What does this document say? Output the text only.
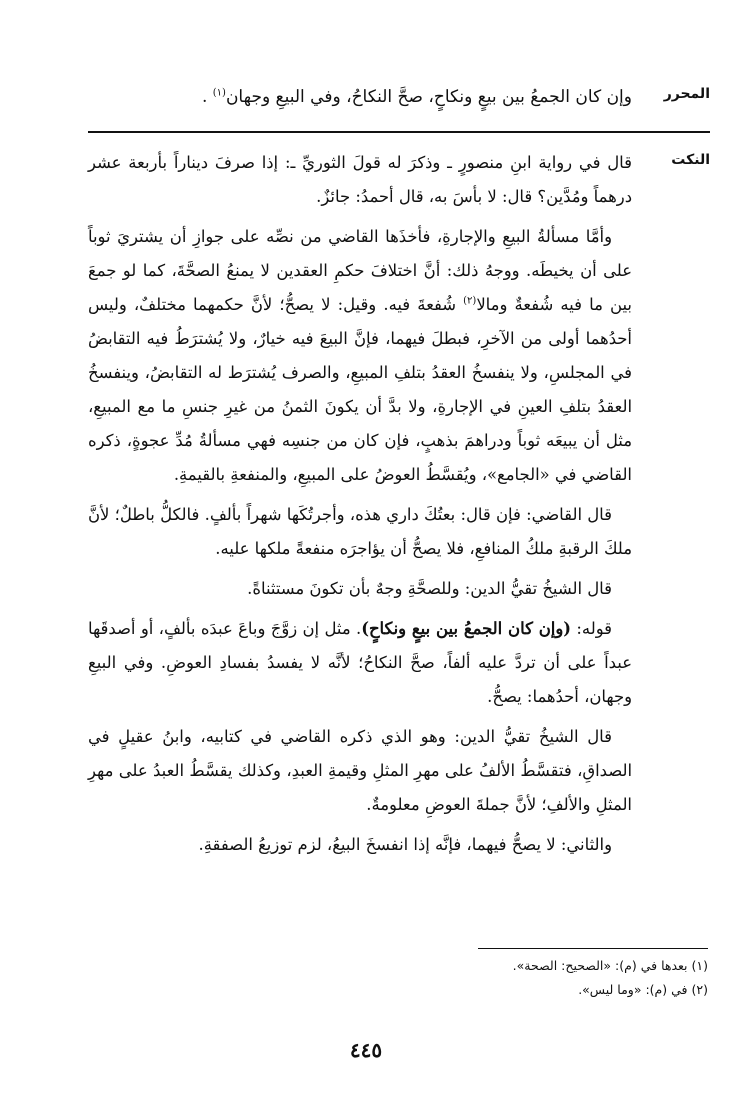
المحرر
وإن كان الجمعُ بين بيعٍ ونكاحٍ، صحَّ النكاحُ، وفي البيعِ وجهان$^{(١)}$ .
النكت

قال في رواية ابنِ منصورٍ ـ وذكرَ له قولَ الثوريِّ ـ: إذا صرفَ ديناراً بأربعة عشر درهماً ومُدَّين؟ قال: لا بأسَ به، قال أحمدُ: جائزٌ.

وأمَّا مسألةُ البيعِ والإجارةِ، فأخذَها القاضي من نصِّه على جوازِ أن يشتريَ ثوباً على أن يخيطَه. ووجهُ ذلك: أنَّ اختلافَ حكمِ العقدين لا يمنعُ الصحَّةَ، كما لو جمعَ بين ما فيه شُفعةٌ ومالا$^{(٢)}$ شُفعةَ فيه. وقيل: لا يصحُّ؛ لأنَّ حكمهما مختلفٌ، وليس أحدُهما أولى من الآخرِ، فبطلَ فيهما، فإنَّ البيعَ فيه خيارٌ، ولا يُشترَطُ فيه التقابضُ في المجلسِ، ولا ينفسخُ العقدُ بتلفِ المبيعِ، والصرف يُشترَط له التقابضُ، وينفسخُ العقدُ بتلفِ العينِ في الإجارةِ، ولا بدَّ أن يكونَ الثمنُ من غيرِ جنسِ ما مع المبيعِ، مثل أن يبيعَه ثوباً ودراهمَ بذهبٍ، فإن كان من جنسِه فهي مسألةُ مُدِّ عجوةٍ، ذكره القاضي في «الجامع»، ويُقسَّطُ العوضُ على المبيعِ، والمنفعةِ بالقيمةِ.

قال القاضي: فإن قال: بعتُكَ داري هذه، وأجرتُكَها شهراً بألفٍ. فالكلُّ باطلٌ؛ لأنَّ ملكَ الرقبةِ ملكُ المنافعِ، فلا يصحُّ أن يؤاجرَه منفعةً ملكها عليه.

قال الشيخُ تقيُّ الدين: وللصحَّةِ وجهٌ بأن تكونَ مستثناةً.

قوله: (وإن كان الجمعُ بين بيعٍ ونكاحٍ). مثل إن زوَّجَ وباعَ عبدَه بألفٍ، أو أصدقَها عبداً على أن تردَّ عليه ألفاً، صحَّ النكاحُ؛ لأنَّه لا يفسدُ بفسادِ العوضِ. وفي البيعِ وجهان، أحدُهما: يصحُّ.

قال الشيخُ تقيُّ الدين: وهو الذي ذكره القاضي في كتابيه، وابنُ عقيلٍ في الصداقِ، فتقسَّطُ الألفُ على مهرِ المثلِ وقيمةِ العبدِ، وكذلك يقسَّطُ العبدُ على مهرِ المثلِ والألفِ؛ لأنَّ جملةَ العوضِ معلومةٌ.

والثاني: لا يصحُّ فيهما، فإنَّه إذا انفسخَ البيعُ، لزم توزيعُ الصفقةِ.

(١) بعدها في (م): «الصحيح: الصحة».
(٢) في (م): «وما ليس».
٤٤٥
